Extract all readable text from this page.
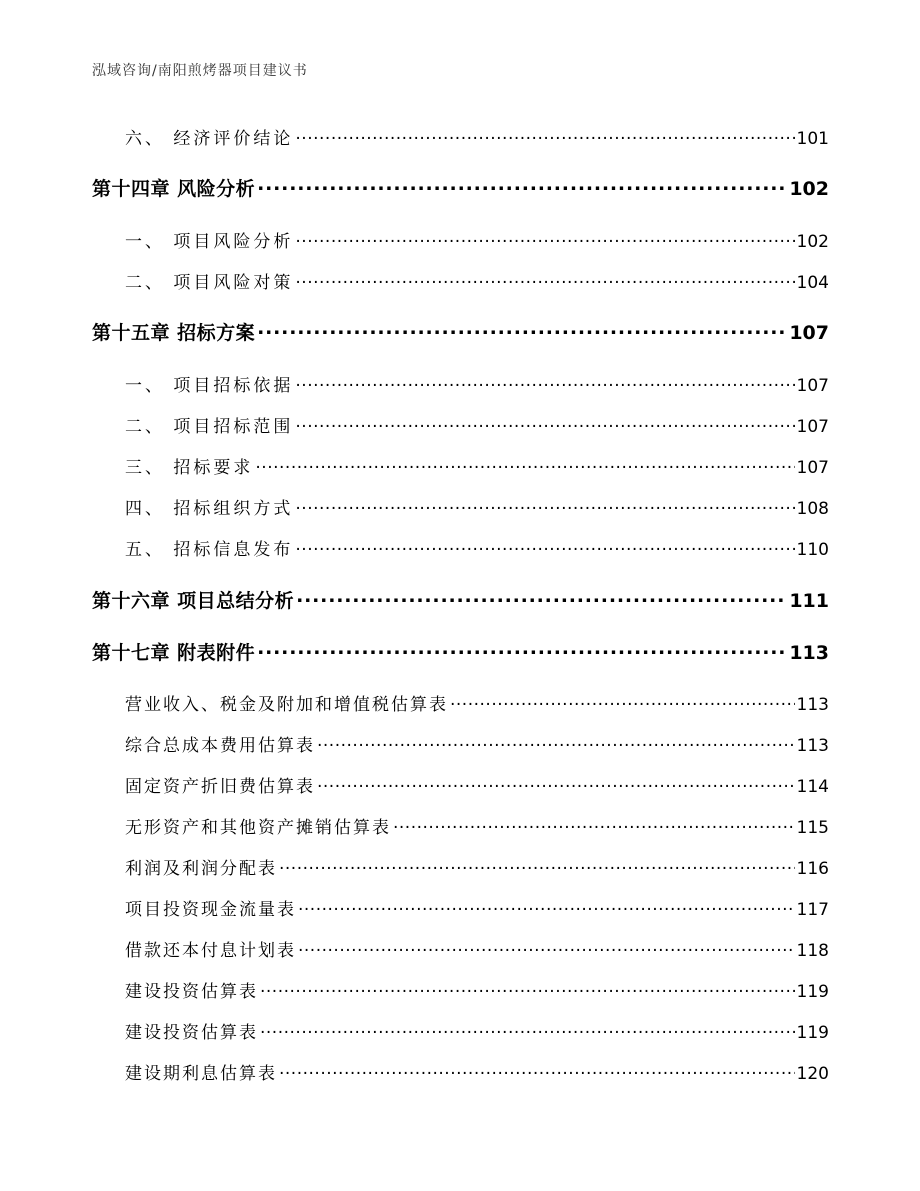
泓域咨询/南阳煎烤器项目建议书
六、 经济评价结论 .....	101
第十四章 风险分析 .....	102
一、 项目风险分析 .....	102
二、 项目风险对策 .....	104
第十五章 招标方案 .....	107
一、 项目招标依据 .....	107
二、 项目招标范围 .....	107
三、 招标要求 .....	107
四、 招标组织方式 .....	108
五、 招标信息发布 .....	110
第十六章 项目总结分析 .....	111
第十七章 附表附件 .....	113
营业收入、税金及附加和增值税估算表 .....	113
综合总成本费用估算表 .....	113
固定资产折旧费估算表 .....	114
无形资产和其他资产摊销估算表 .....	115
利润及利润分配表 .....	116
项目投资现金流量表 .....	117
借款还本付息计划表 .....	118
建设投资估算表 .....	119
建设投资估算表 .....	119
建设期利息估算表 .....	120
